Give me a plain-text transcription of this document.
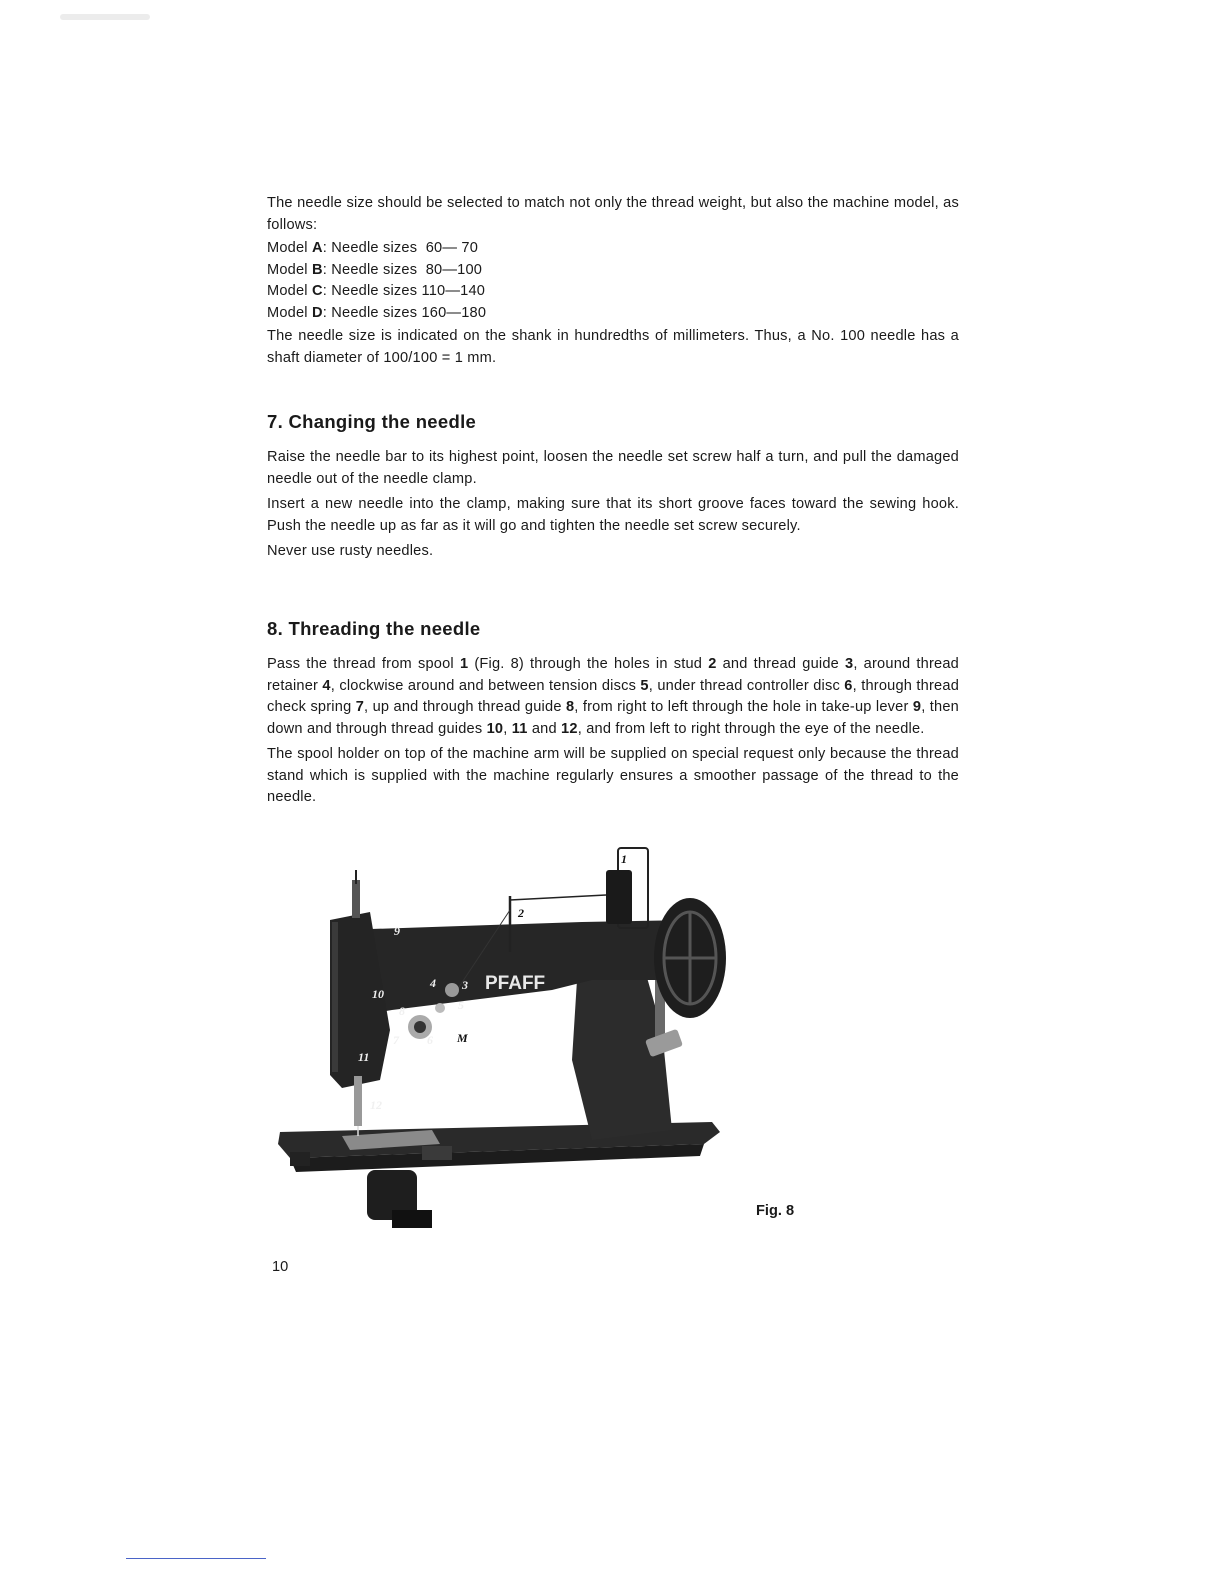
The needle size should be selected to match not only the thread weight, but also the machine model, as follows:

Model A: Needle sizes  60— 70
Model B: Needle sizes  80—100
Model C: Needle sizes 110—140
Model D: Needle sizes 160—180

The needle size is indicated on the shank in hundredths of millimeters. Thus, a No. 100 needle has a shaft diameter of 100/100 = 1 mm.

7. Changing the needle

Raise the needle bar to its highest point, loosen the needle set screw half a turn, and pull the damaged needle out of the needle clamp.

Insert a new needle into the clamp, making sure that its short groove faces toward the sewing hook. Push the needle up as far as it will go and tighten the needle set screw securely.

Never use rusty needles.

8. Threading the needle

Pass the thread from spool 1 (Fig. 8) through the holes in stud 2 and thread guide 3, around thread retainer 4, clockwise around and between tension discs 5, under thread controller disc 6, through thread check spring 7, up and through thread guide 8, from right to left through the hole in take-up lever 9, then down and through thread guides 10, 11 and 12, and from left to right through the eye of the needle.

The spool holder on top of the machine arm will be supplied on special request only because the thread stand which is supplied with the machine regularly ensures a smoother passage of the thread to the needle.

PFAFF
1
2
3
4
5
6
7
8
9
10
11
12
M
Fig. 8
10
